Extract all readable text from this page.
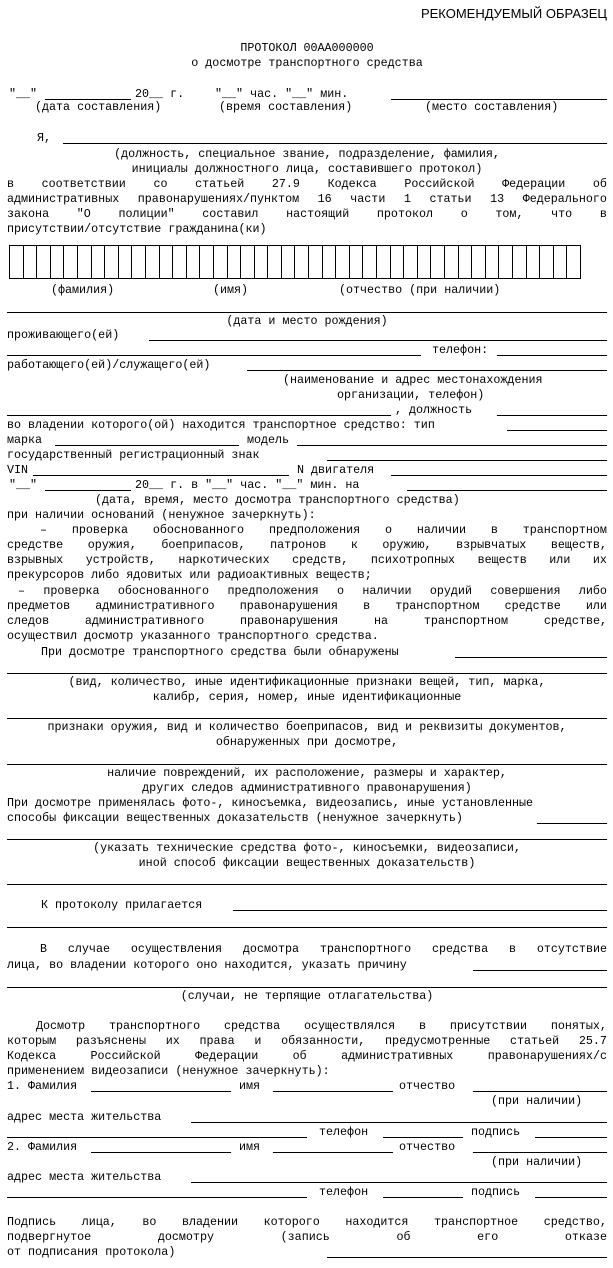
РЕКОМЕНДУЕМЫЙ ОБРАЗЕЦ
ПРОТОКОЛ 00АА000000
о досмотре транспортного средства
"__"	20__ г.	"__" час. "__" мин.
(дата составления)	(время составления)	(место составления)
Я,
(должность, специальное звание, подразделение, фамилия,
инициалы должностного лица, составившего протокол)
в соответствии со статьей 27.9 Кодекса Российской Федерации об
административных правонарушениях/пунктом 16 части 1 статьи 13 Федерального
закона "О полиции" составил настоящий протокол о том, что в
присутствии/отсутствие гражданина(ки)
(фамилия)	(имя)	(отчество (при наличии)
(дата и место рождения)
проживающего(ей)
телефон:
работающего(ей)/служащего(ей)
(наименование и адрес местонахождения
организации, телефон)
, должность
во владении которого(ой) находится транспортное средство: тип
марка	модель
государственный регистрационный знак
VIN	N двигателя
"__"	20__ г. в "__" час. "__" мин. на
(дата, время, место досмотра транспортного средства)
при наличии оснований (ненужное зачеркнуть):
– проверка обоснованного предположения о наличии в транспортном
средстве оружия, боеприпасов, патронов к оружию, взрывчатых веществ,
взрывных устройств, наркотических средств, психотропных веществ или их
прекурсоров либо ядовитых или радиоактивных веществ;
– проверка обоснованного предположения о наличии орудий совершения либо
предметов административного правонарушения в транспортном средстве или
следов	административного	правонарушения	на	транспортном	средстве,
осуществил досмотр указанного транспортного средства.
При досмотре транспортного средства были обнаружены
(вид, количество, иные идентификационные признаки вещей, тип, марка,
калибр, серия, номер, иные идентификационные
признаки оружия, вид и количество боеприпасов, вид и реквизиты документов,
обнаруженных при досмотре,
наличие повреждений, их расположение, размеры и характер,
других следов административного правонарушения)
При досмотре применялась фото-, киносъемка, видеозапись, иные установленные
способы фиксации вещественных доказательств (ненужное зачеркнуть)
(указать технические средства фото-, киносъемки, видеозаписи,
иной способ фиксации вещественных доказательств)
К протоколу прилагается
В случае осуществления досмотра транспортного средства в отсутствие
лица, во владении которого оно находится, указать причину
(случаи, не терпящие отлагательства)
Досмотр транспортного средства осуществлялся в присутствии понятых,
которым разъяснены их права и обязанности, предусмотренные статьей 25.7
Кодекса	Российской	Федерации	об	административных	правонарушениях/с
применением видеозаписи (ненужное зачеркнуть):
1. Фамилия	имя	отчество
(при наличии)
адрес места жительства
телефон	подпись
2. Фамилия	имя	отчество
(при наличии)
адрес места жительства
телефон	подпись
Подпись лица, во владении которого находится транспортное средство,
подвергнутое	досмотру	(запись	об	его	отказе
от подписания протокола)
